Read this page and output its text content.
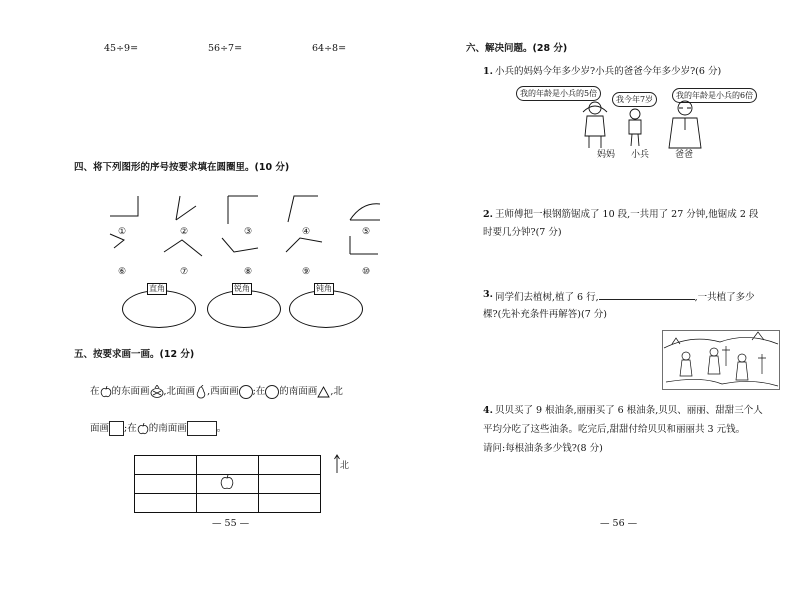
45÷9=	56÷7=	64÷8=
四、将下列图形的序号按要求填在圆圈里。(10 分)
①	②	③	④	⑤
⑥	⑦	⑧	⑨	⑩
直角	锐角	钝角
五、按要求画一画。(12 分)
在 的东面画 ,北面画 ,西面画 ;在 的南面画 ,北
面画 ;在 的南面画	。
北
— 55 —
六、解决问题。(28 分)
1. 小兵的妈妈今年多少岁?小兵的爸爸今年多少岁?(6 分)
我的年龄是小兵的5倍
我今年7岁	我的年龄是小兵的6倍
妈妈 小兵	爸爸
2. 王师傅把一根钢筋锯成了 10 段,一共用了 27 分钟,他锯成 2 段
时要几分钟?(7 分)
3. 同学们去植树,植了 6 行,	,一共植了多少
棵?(先补充条件再解答)(7 分)
4. 贝贝买了 9 根油条,丽丽买了 6 根油条,贝贝、丽丽、甜甜三个人
平均分吃了这些油条。吃完后,甜甜付给贝贝和丽丽共 3 元钱。
请问:每根油条多少钱?(8 分)
— 56 —
